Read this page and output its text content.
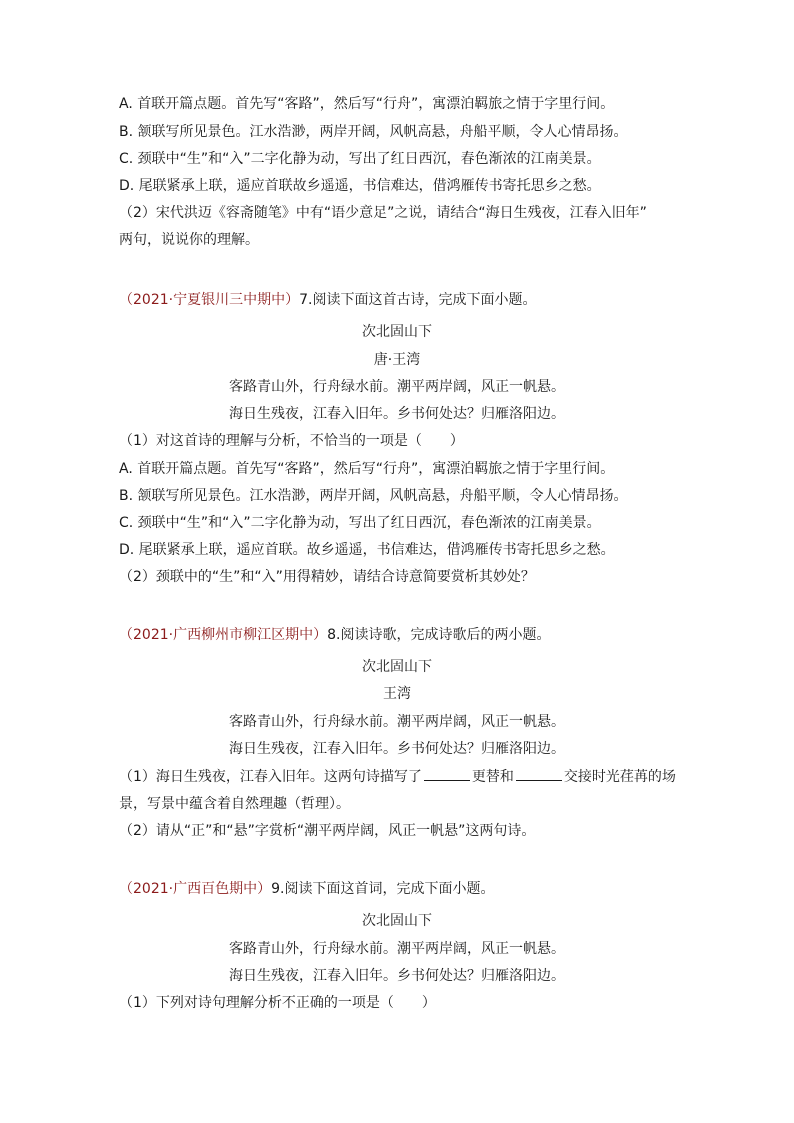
A. 首联开篇点题。首先写“客路”，然后写“行舟”，寓漂泊羁旅之情于字里行间。
B. 颔联写所见景色。江水浩渺，两岸开阔，风帆高悬，舟船平顺，令人心情昂扬。
C. 颈联中“生”和“入”二字化静为动，写出了红日西沉，春色渐浓的江南美景。
D. 尾联紧承上联，遥应首联故乡遥遥，书信难达，借鸿雁传书寄托思乡之愁。
（2）宋代洪迈《容斋随笔》中有“语少意足”之说，请结合“海日生残夜，江春入旧年”
两句，说说你的理解。
（2021·宁夏银川三中期中）7.阅读下面这首古诗，完成下面小题。
次北固山下
唐·王湾
客路青山外，行舟绿水前。潮平两岸阔，风正一帆悬。
海日生残夜，江春入旧年。乡书何处达？归雁洛阳边。
（1）对这首诗的理解与分析，不恰当的一项是（　　）
A. 首联开篇点题。首先写“客路”，然后写“行舟”，寓漂泊羁旅之情于字里行间。
B. 颔联写所见景色。江水浩渺，两岸开阔，风帆高悬，舟船平顺，令人心情昂扬。
C. 颈联中“生”和“入”二字化静为动，写出了红日西沉，春色渐浓的江南美景。
D. 尾联紧承上联，遥应首联。故乡遥遥，书信难达，借鸿雁传书寄托思乡之愁。
（2）颈联中的“生”和“入”用得精妙，请结合诗意简要赏析其妙处？
（2021·广西柳州市柳江区期中）8.阅读诗歌，完成诗歌后的两小题。
次北固山下
王湾
客路青山外，行舟绿水前。潮平两岸阔，风正一帆悬。
海日生残夜，江春入旧年。乡书何处达？归雁洛阳边。
（1）海日生残夜，江春入旧年。这两句诗描写了	更替和	交接时光荏苒的场
景，写景中蕴含着自然理趣（哲理）。
（2）请从“正”和“悬”字赏析“潮平两岸阔，风正一帆悬”这两句诗。
（2021·广西百色期中）9.阅读下面这首词，完成下面小题。
次北固山下
客路青山外，行舟绿水前。潮平两岸阔，风正一帆悬。
海日生残夜，江春入旧年。乡书何处达？归雁洛阳边。
（1）下列对诗句理解分析不正确的一项是（　　）
